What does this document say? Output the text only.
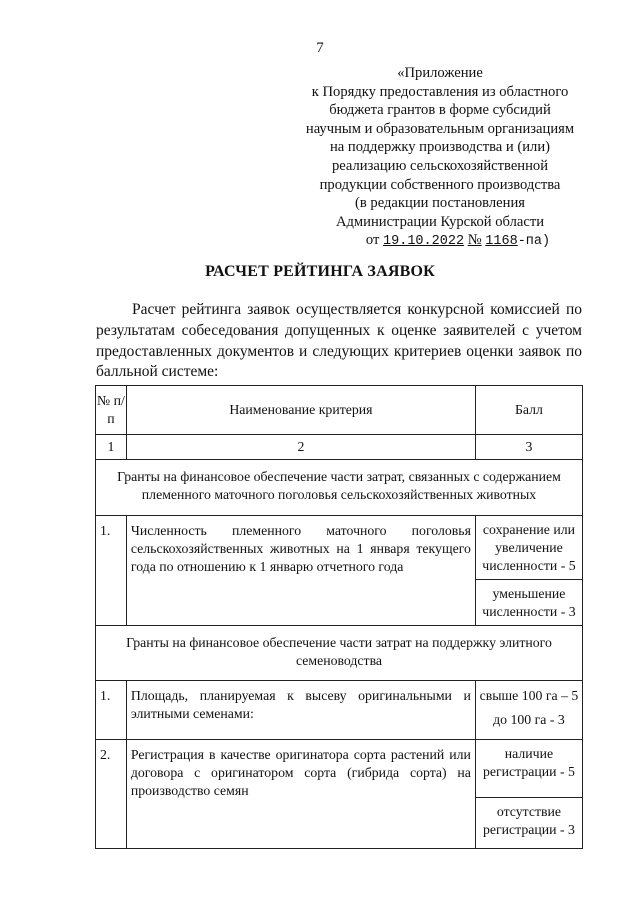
7
«Приложение
к Порядку предоставления из областного
бюджета грантов в форме субсидий
научным и образовательным организациям
на поддержку производства и (или)
реализацию сельскохозяйственной
продукции собственного производства
(в редакции постановления
Администрации Курской области
от 19.10.2022 № 1168-па)
РАСЧЕТ РЕЙТИНГА ЗАЯВОК

Расчет рейтинга заявок осуществляется конкурсной комиссией по результатам собеседования допущенных к оценке заявителей с учетом предоставленных документов и следующих критериев оценки заявок по балльной системе:

№ п/п	Наименование критерия	Балл
1	2	3
Гранты на финансовое обеспечение части затрат, связанных с содержанием племенного маточного поголовья сельскохозяйственных животных		
1.	Численность племенного маточного поголовья сельскохозяйственных животных на 1 января текущего года по отношению к 1 январю отчетного года	сохранение или увеличение численности - 5
		уменьшение численности - 3
Гранты на финансовое обеспечение части затрат на поддержку элитного семеноводства		
1.	Площадь, планируемая к высеву оригинальными и элитными семенами:	свыше 100 га – 5
		до 100 га - 3
2.	Регистрация в качестве оригинатора сорта растений или договора с оригинатором сорта (гибрида сорта) на производство семян	наличие регистрации - 5
		отсутствие регистрации - 3
